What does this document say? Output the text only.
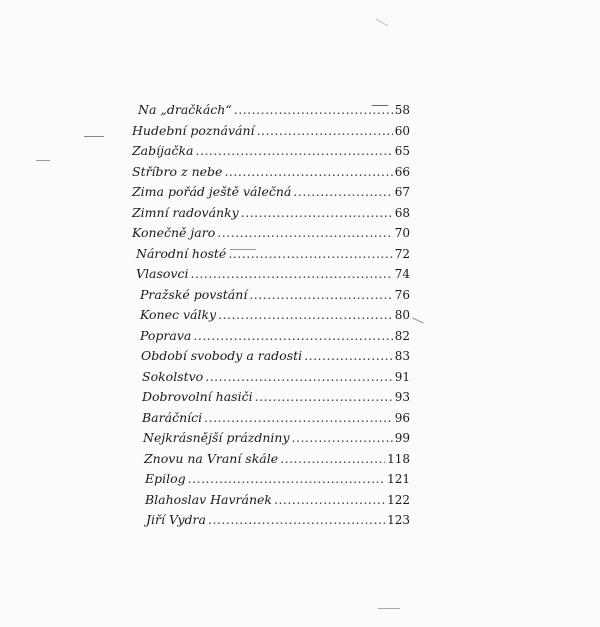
Na „dračkách“ .....	58
Hudební poznávání .....	60
Zabíjačka .....	65
Stříbro z nebe .....	66
Zima pořád ještě válečná .....	67
Zimní radovánky .....	68
Konečně jaro .....	70
Národní hosté .....	72
Vlasovci .....	74
Pražské povstání .....	76
Konec války .....	80
Poprava .....	82
Období svobody a radosti .....	83
Sokolstvo .....	91
Dobrovolní hasiči .....	93
Baráčníci .....	96
Nejkrásnější prázdniny .....	99
Znovu na Vraní skále .....	118
Epilog .....	121
Blahoslav Havránek .....	122
Jiří Vydra .....	123
